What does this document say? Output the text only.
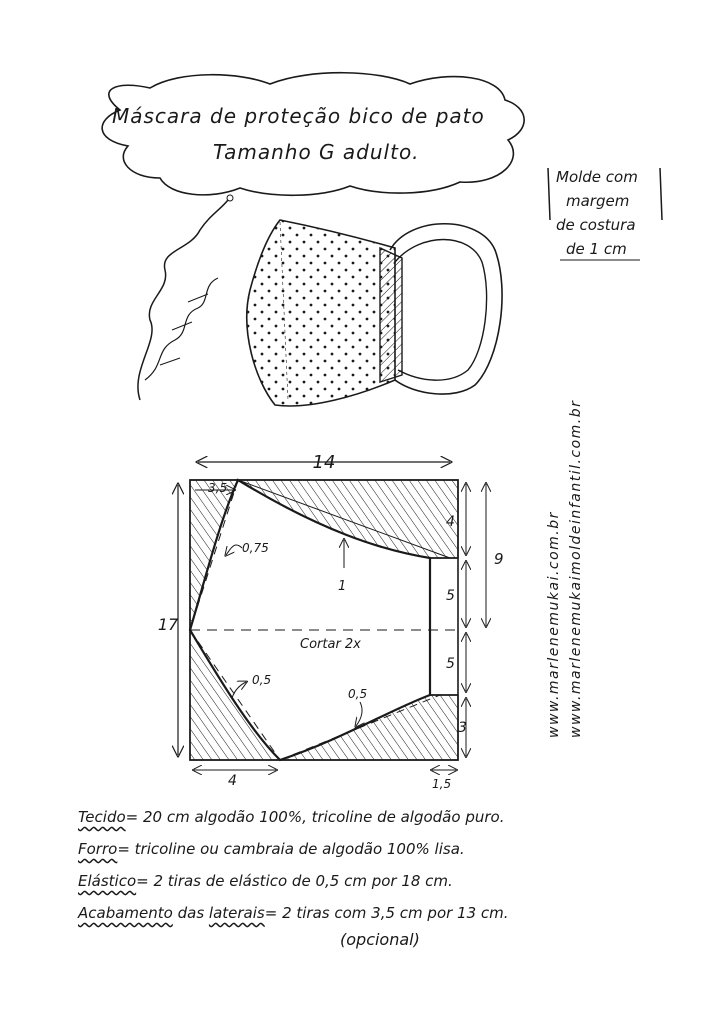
Máscara de proteção bico de pato
Tamanho G adulto.
Molde com
margem
de costura
de 1 cm
14
17
3,5
0,75
1
0,5
0,5
Cortar 2x
4
5
9
5
3
4	1,5
www.marlenemukai.com.br www.marlenemukaimoldeinfantil.com.br
Tecido= 20 cm algodão 100%, tricoline de algodão puro.
Forro= tricoline ou cambraia de algodão 100% lisa.
Elástico= 2 tiras de elástico de 0,5 cm por 18 cm.
Acabamento das laterais= 2 tiras com 3,5 cm por 13 cm.
(opcional)
